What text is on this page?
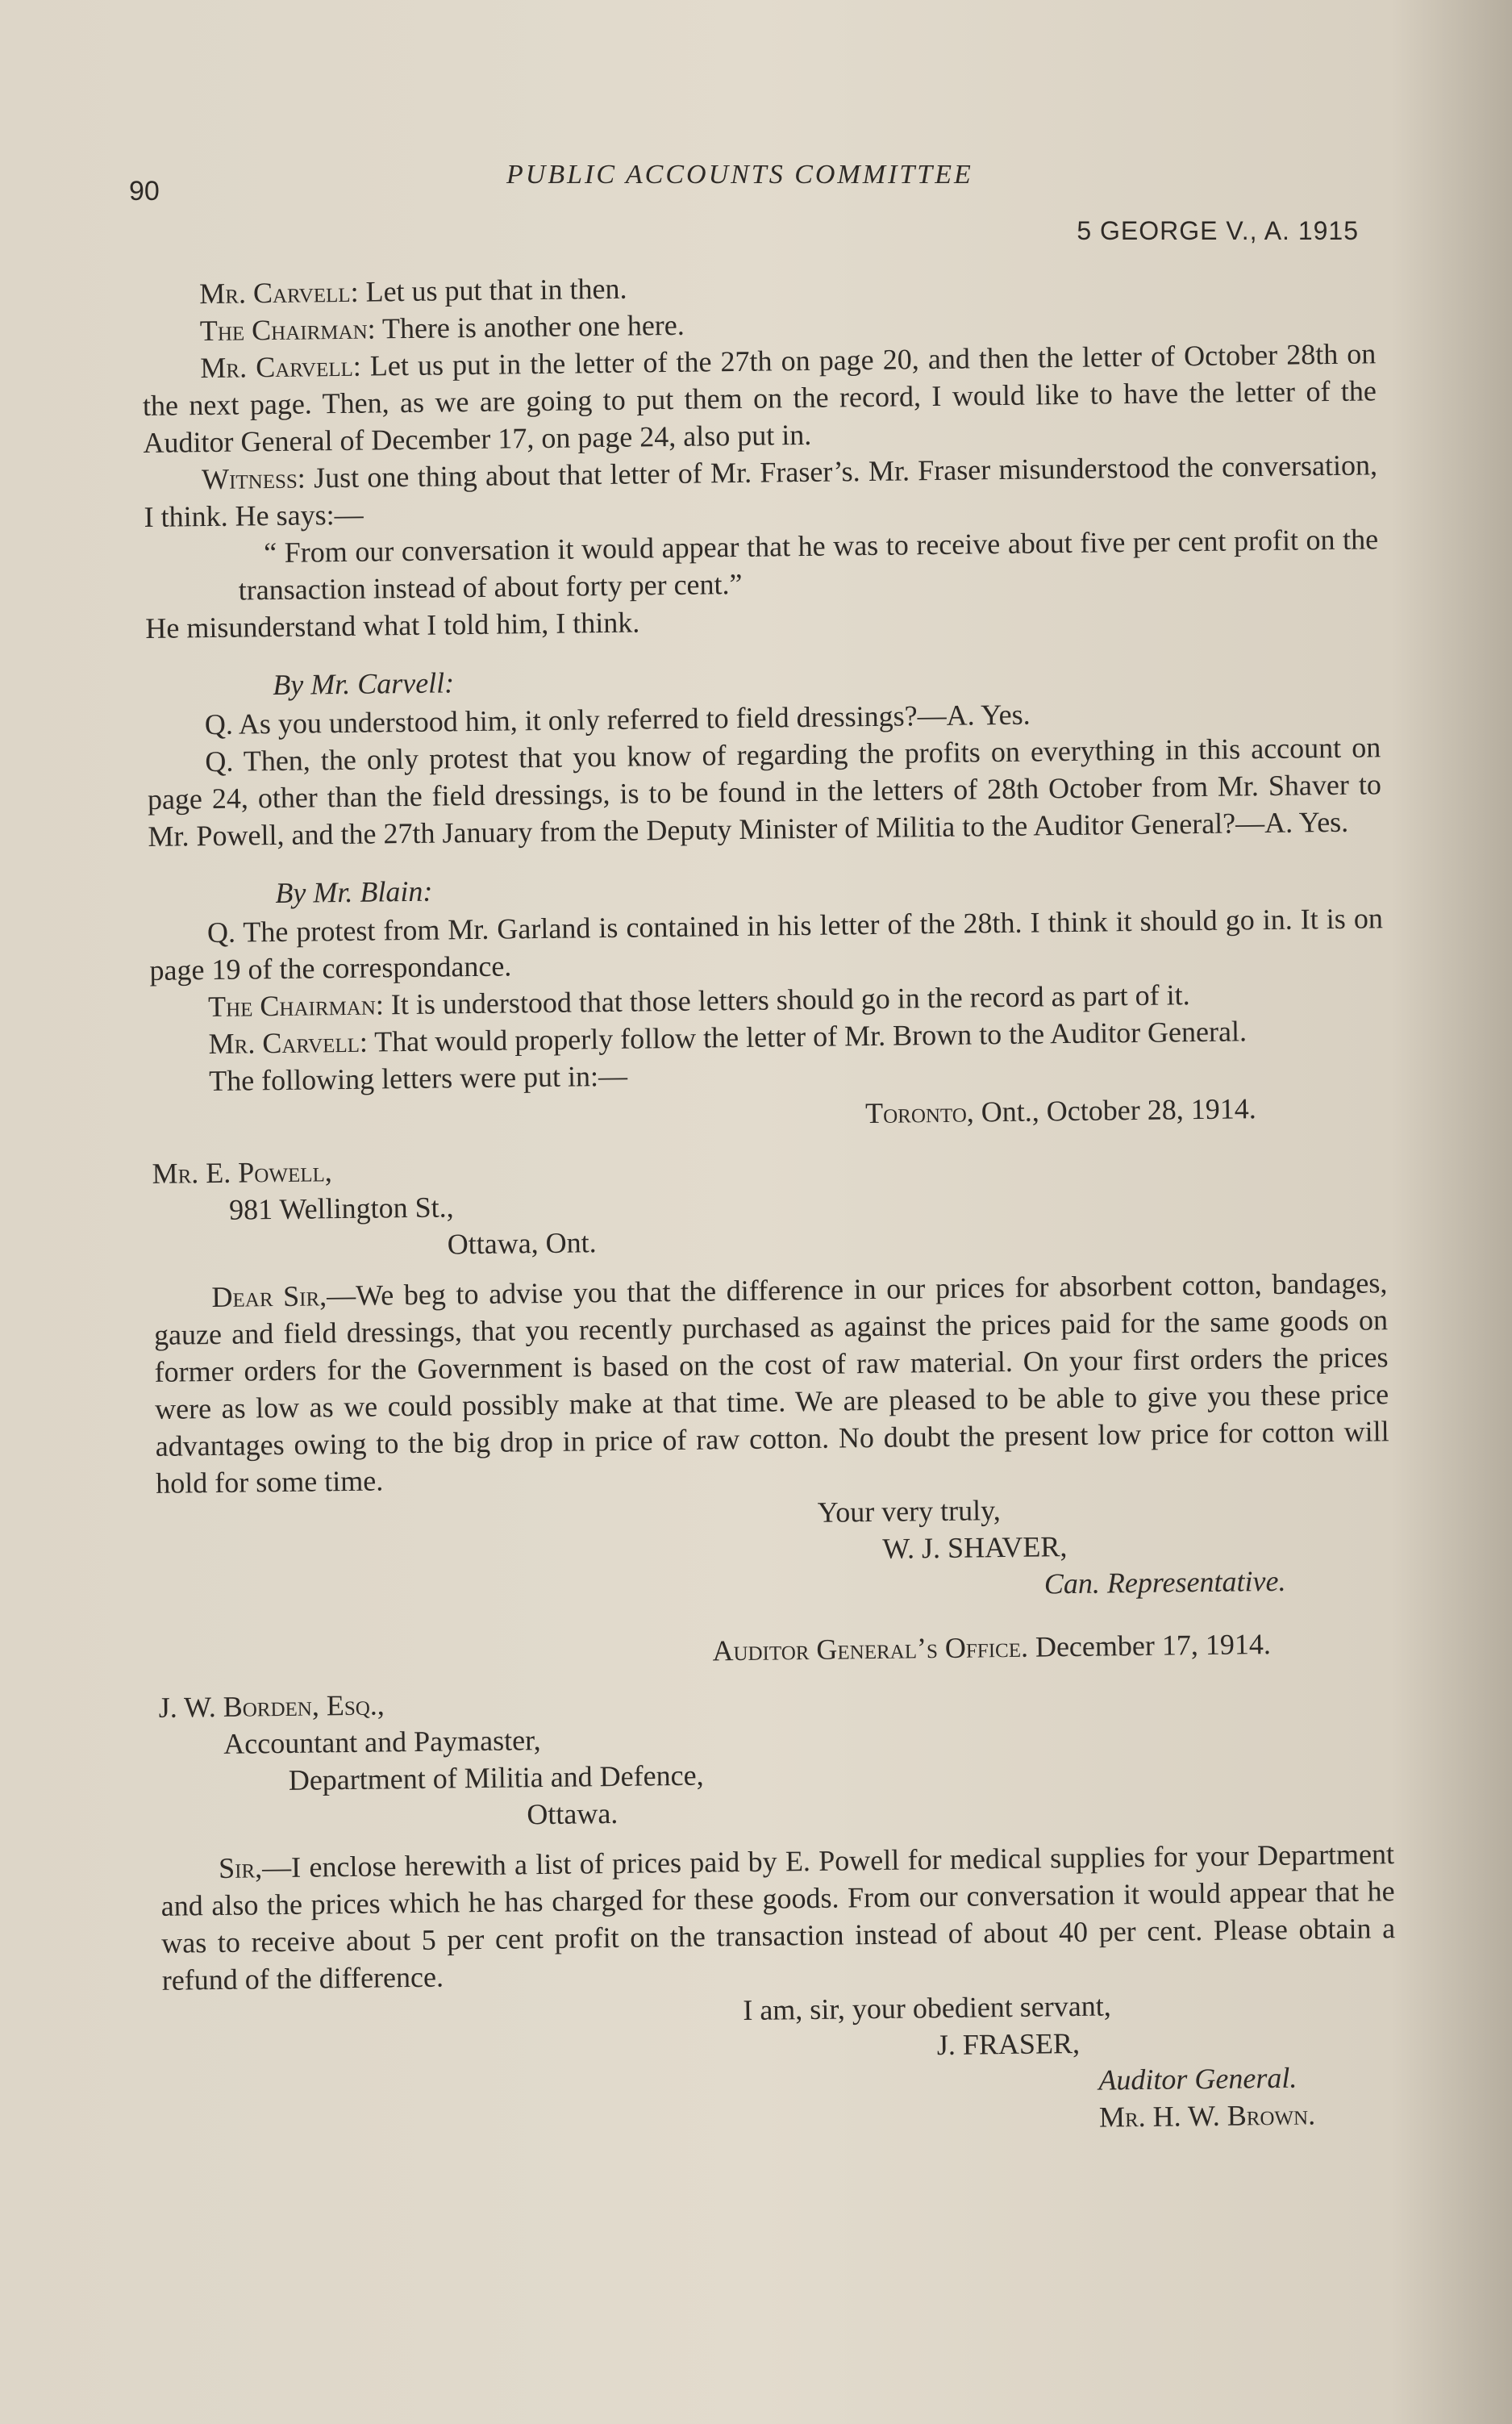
90
PUBLIC ACCOUNTS COMMITTEE
5 GEORGE V., A. 1915

Mr. Carvell: Let us put that in then.

The Chairman: There is another one here.

Mr. Carvell: Let us put in the letter of the 27th on page 20, and then the letter of October 28th on the next page. Then, as we are going to put them on the record, I would like to have the letter of the Auditor General of December 17, on page 24, also put in.

Witness: Just one thing about that letter of Mr. Fraser’s. Mr. Fraser misunderstood the conversation, I think. He says:—

“ From our conversation it would appear that he was to receive about five per cent profit on the transaction instead of about forty per cent.”

He misunderstand what I told him, I think.

By Mr. Carvell:

Q. As you understood him, it only referred to field dressings?—A. Yes.

Q. Then, the only protest that you know of regarding the profits on everything in this account on page 24, other than the field dressings, is to be found in the letters of 28th October from Mr. Shaver to Mr. Powell, and the 27th January from the Deputy Minister of Militia to the Auditor General?—A. Yes.

By Mr. Blain:

Q. The protest from Mr. Garland is contained in his letter of the 28th. I think it should go in. It is on page 19 of the correspondance.

The Chairman: It is understood that those letters should go in the record as part of it.

Mr. Carvell: That would properly follow the letter of Mr. Brown to the Auditor General.

The following letters were put in:—

Toronto, Ont., October 28, 1914.

Mr. E. Powell,

981 Wellington St.,

Ottawa, Ont.

Dear Sir,—We beg to advise you that the difference in our prices for absorbent cotton, bandages, gauze and field dressings, that you recently purchased as against the prices paid for the same goods on former orders for the Government is based on the cost of raw material. On your first orders the prices were as low as we could possibly make at that time. We are pleased to be able to give you these price advantages owing to the big drop in price of raw cotton. No doubt the present low price for cotton will hold for some time.

Your very truly,

W. J. SHAVER,

Can. Representative.

Auditor General’s Office. December 17, 1914.

J. W. Borden, Esq.,

Accountant and Paymaster,

Department of Militia and Defence,

Ottawa.

Sir,—I enclose herewith a list of prices paid by E. Powell for medical supplies for your Department and also the prices which he has charged for these goods. From our conversation it would appear that he was to receive about 5 per cent profit on the transaction instead of about 40 per cent. Please obtain a refund of the difference.

I am, sir, your obedient servant,

J. FRASER,

Auditor General.

Mr. H. W. Brown.
